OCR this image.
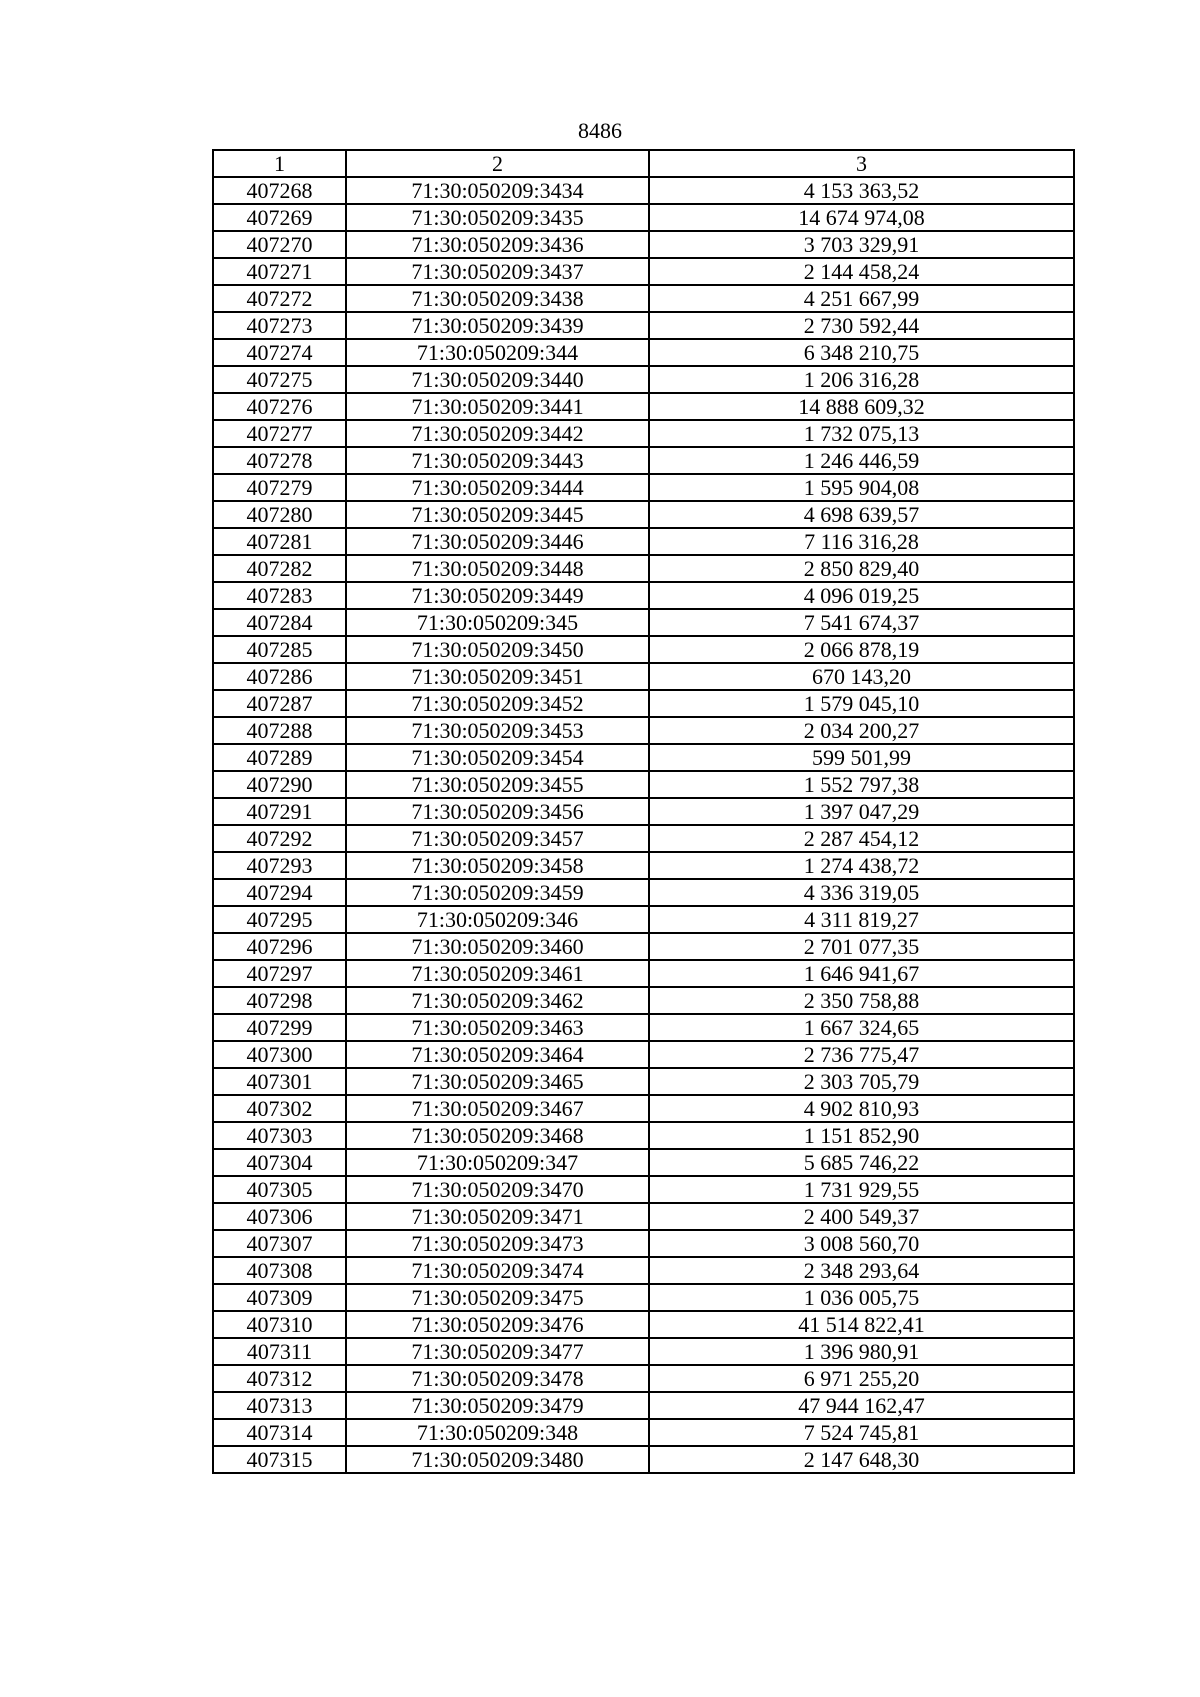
8486
1	2	3
407268	71:30:050209:3434	4 153 363,52
407269	71:30:050209:3435	14 674 974,08
407270	71:30:050209:3436	3 703 329,91
407271	71:30:050209:3437	2 144 458,24
407272	71:30:050209:3438	4 251 667,99
407273	71:30:050209:3439	2 730 592,44
407274	71:30:050209:344	6 348 210,75
407275	71:30:050209:3440	1 206 316,28
407276	71:30:050209:3441	14 888 609,32
407277	71:30:050209:3442	1 732 075,13
407278	71:30:050209:3443	1 246 446,59
407279	71:30:050209:3444	1 595 904,08
407280	71:30:050209:3445	4 698 639,57
407281	71:30:050209:3446	7 116 316,28
407282	71:30:050209:3448	2 850 829,40
407283	71:30:050209:3449	4 096 019,25
407284	71:30:050209:345	7 541 674,37
407285	71:30:050209:3450	2 066 878,19
407286	71:30:050209:3451	670 143,20
407287	71:30:050209:3452	1 579 045,10
407288	71:30:050209:3453	2 034 200,27
407289	71:30:050209:3454	599 501,99
407290	71:30:050209:3455	1 552 797,38
407291	71:30:050209:3456	1 397 047,29
407292	71:30:050209:3457	2 287 454,12
407293	71:30:050209:3458	1 274 438,72
407294	71:30:050209:3459	4 336 319,05
407295	71:30:050209:346	4 311 819,27
407296	71:30:050209:3460	2 701 077,35
407297	71:30:050209:3461	1 646 941,67
407298	71:30:050209:3462	2 350 758,88
407299	71:30:050209:3463	1 667 324,65
407300	71:30:050209:3464	2 736 775,47
407301	71:30:050209:3465	2 303 705,79
407302	71:30:050209:3467	4 902 810,93
407303	71:30:050209:3468	1 151 852,90
407304	71:30:050209:347	5 685 746,22
407305	71:30:050209:3470	1 731 929,55
407306	71:30:050209:3471	2 400 549,37
407307	71:30:050209:3473	3 008 560,70
407308	71:30:050209:3474	2 348 293,64
407309	71:30:050209:3475	1 036 005,75
407310	71:30:050209:3476	41 514 822,41
407311	71:30:050209:3477	1 396 980,91
407312	71:30:050209:3478	6 971 255,20
407313	71:30:050209:3479	47 944 162,47
407314	71:30:050209:348	7 524 745,81
407315	71:30:050209:3480	2 147 648,30
